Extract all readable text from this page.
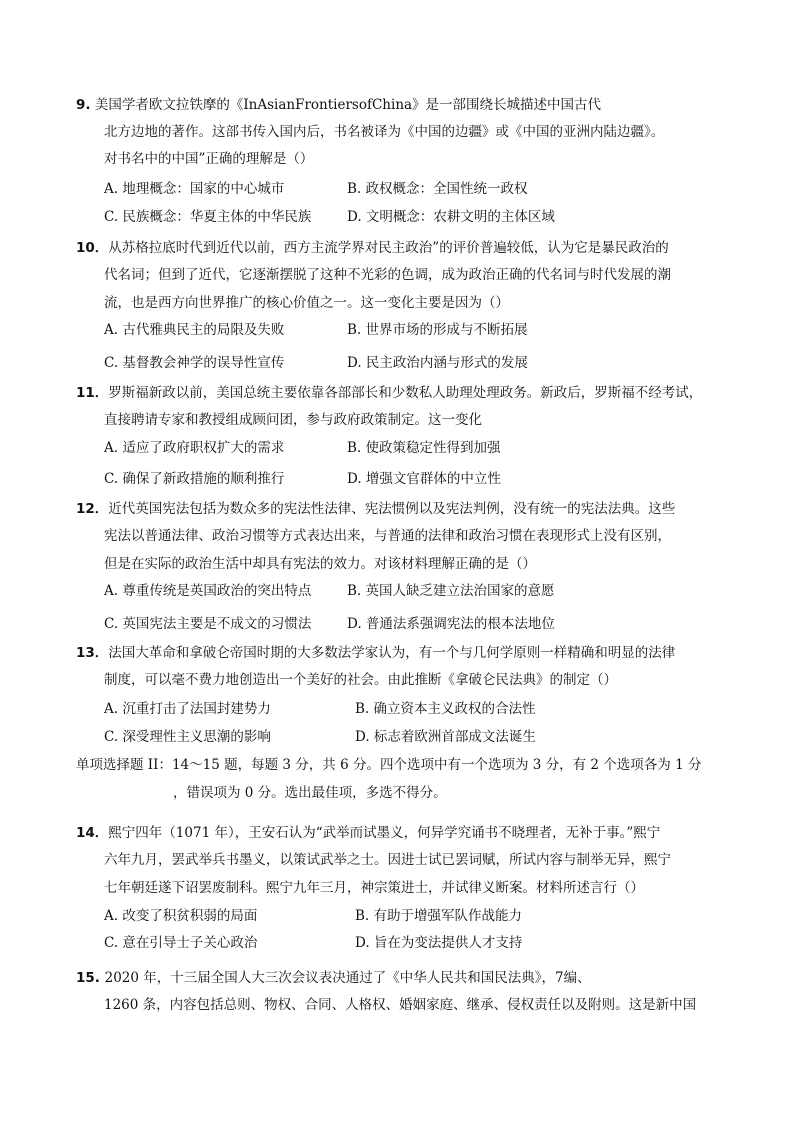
9. 美国学者欧文拉铁摩的《InAsianFrontiersofChina》是一部围绕长城描述中国古代
北方边地的著作。这部书传入国内后，书名被译为《中国的边疆》或《中国的亚洲内陆边疆》。
对书名中的中国”正确的理解是（）
A. 地理概念：国家的中心城市	B. 政权概念：全国性统一政权
C. 民族概念：华夏主体的中华民族	D. 文明概念：农耕文明的主体区域
10．从苏格拉底时代到近代以前，西方主流学界对民主政治”的评价普遍较低，认为它是暴民政治的
代名词；但到了近代，它逐渐摆脱了这种不光彩的色调，成为政治正确的代名词与时代发展的潮
流，也是西方向世界推广的核心价值之一。这一变化主要是因为（）
A. 古代雅典民主的局限及失败	B. 世界市场的形成与不断拓展
C. 基督教会神学的误导性宣传	D. 民主政治内涵与形式的发展
11．罗斯福新政以前，美国总统主要依靠各部部长和少数私人助理处理政务。新政后，罗斯福不经考试，
直接聘请专家和教授组成顾问团，参与政府政策制定。这一变化
A. 适应了政府职权扩大的需求	B. 使政策稳定性得到加强
C. 确保了新政措施的顺利推行	D. 增强文官群体的中立性
12．近代英国宪法包括为数众多的宪法性法律、宪法惯例以及宪法判例，没有统一的宪法法典。这些
宪法以普通法律、政治习惯等方式表达出来，与普通的法律和政治习惯在表现形式上没有区别，
但是在实际的政治生活中却具有宪法的效力。对该材料理解正确的是（）
A. 尊重传统是英国政治的突出特点	B. 英国人缺乏建立法治国家的意愿
C. 英国宪法主要是不成文的习惯法	D. 普通法系强调宪法的根本法地位
13．法国大革命和拿破仑帝国时期的大多数法学家认为，有一个与几何学原则一样精确和明显的法律
制度，可以毫不费力地创造出一个美好的社会。由此推断《拿破仑民法典》的制定（）
A. 沉重打击了法国封建势力	B. 确立资本主义政权的合法性
C. 深受理性主义思潮的影响	D. 标志着欧洲首部成文法诞生
单项选择题 II：14～15 题，每题 3 分，共 6 分。四个选项中有一个选项为 3 分，有 2 个选项各为 1 分
，错误项为 0 分。选出最佳项，多选不得分。
14．熙宁四年（1071 年），王安石认为“武举而试墨义，何异学究诵书不晓理者，无补于事。”熙宁
六年九月，罢武举兵书墨义，以策试武举之士。因进士试已罢词赋，所试内容与制举无异，熙宁
七年朝廷遂下诏罢废制科。熙宁九年三月，神宗策进士，并试律义断案。材料所述言行（）
A. 改变了积贫积弱的局面	B. 有助于增强军队作战能力
C. 意在引导士子关心政治	D. 旨在为变法提供人才支持
15. 2020 年，十三届全国人大三次会议表决通过了《中华人民共和国民法典》，7编、
1260 条，内容包括总则、物权、合同、人格权、婚姻家庭、继承、侵权责任以及附则。这是新中国
